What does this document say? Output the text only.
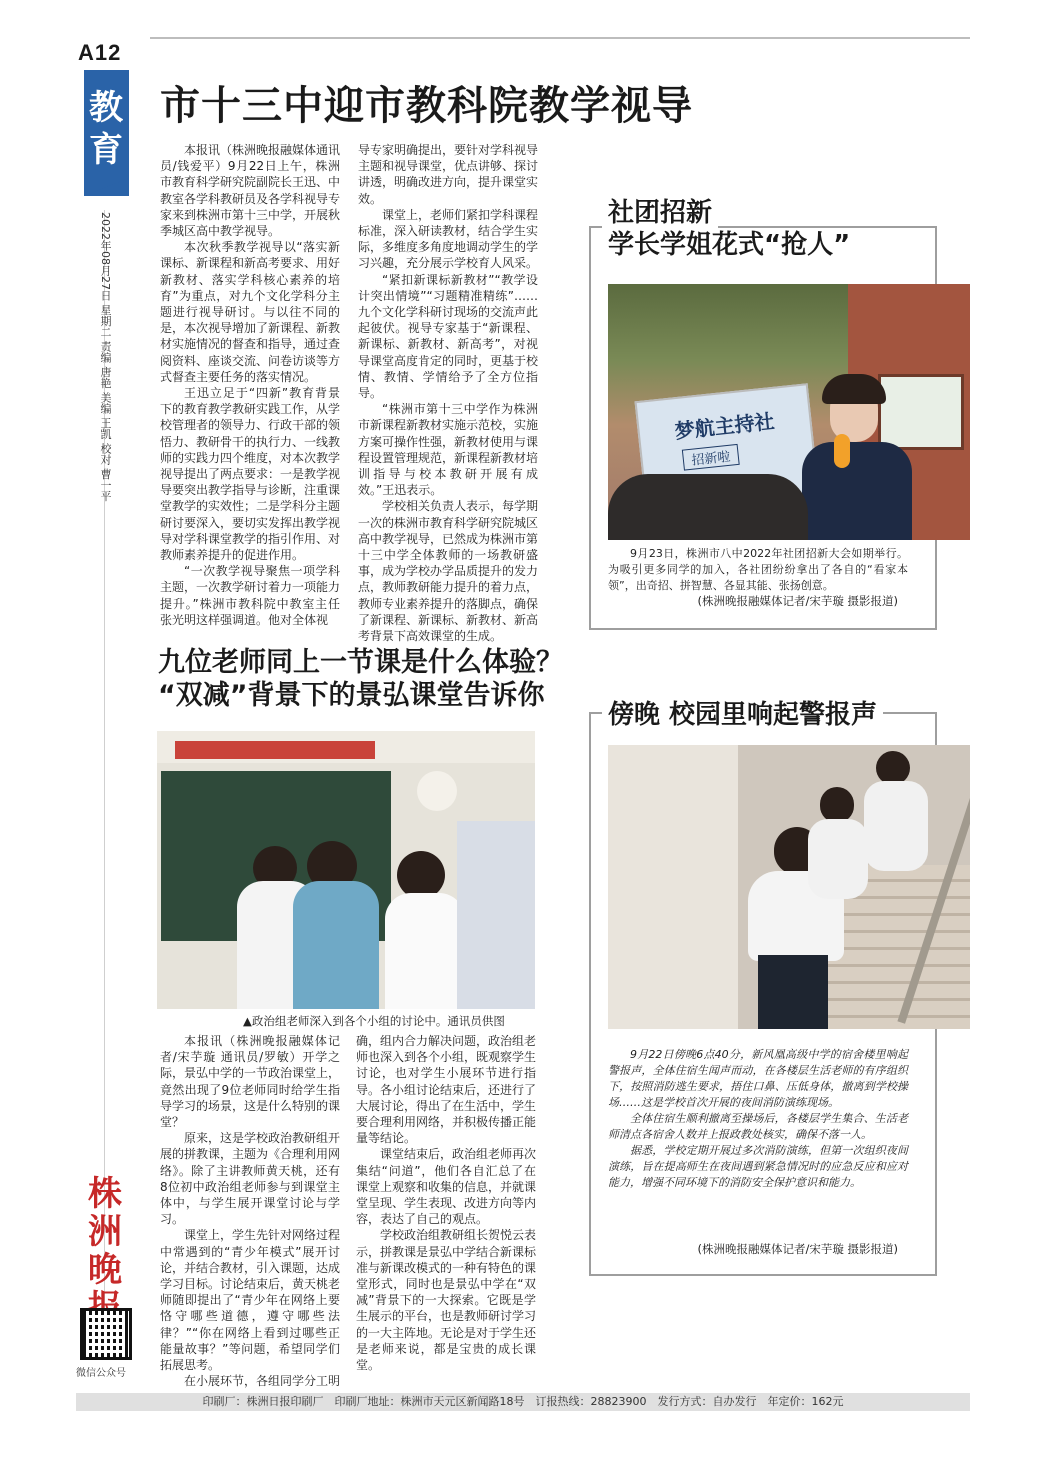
A12
教
育
2022年08月27日 星期二 责编 唐艳 美编 王凯 校对 曹一平
株
洲
晚

微信公众号
市十三中迎市教科院教学视导

本报讯（株洲晚报融媒体通讯员/钱爱平）9月22日上午，株洲市教育科学研究院副院长王迅、中教室各学科教研员及各学科视导专家来到株洲市第十三中学，开展秋季城区高中教学视导。

本次秋季教学视导以“落实新课标、新课程和新高考要求、用好新教材、落实学科核心素养的培育”为重点，对九个文化学科分主题进行视导研讨。与以往不同的是，本次视导增加了新课程、新教材实施情况的督查和指导，通过查阅资料、座谈交流、问卷访谈等方式督查主要任务的落实情况。

王迅立足于“四新”教育背景下的教育教学教研实践工作，从学校管理者的领导力、行政干部的领悟力、教研骨干的执行力、一线教师的实践力四个维度，对本次教学视导提出了两点要求：一是教学视导要突出教学指导与诊断，注重课堂教学的实效性；二是学科分主题研讨要深入，要切实发挥出教学视导对学科课堂教学的指引作用、对教师素养提升的促进作用。

“一次教学视导聚焦一项学科主题，一次教学研讨着力一项能力提升。”株洲市教科院中教室主任张光明这样强调道。他对全体视

导专家明确提出，要针对学科视导主题和视导课堂，优点讲够、探讨讲透，明确改进方向，提升课堂实效。

课堂上，老师们紧扣学科课程标准，深入研读教材，结合学生实际，多维度多角度地调动学生的学习兴趣，充分展示学校育人风采。

“紧扣新课标新教材”“教学设计突出情境”“习题精准精练”……九个文化学科研讨现场的交流声此起彼伏。视导专家基于“新课程、新课标、新教材、新高考”，对视导课堂高度肯定的同时，更基于校情、教情、学情给予了全方位指导。

“株洲市第十三中学作为株洲市新课程新教材实施示范校，实施方案可操作性强，新教材使用与课程设置管理规范，新课程新教材培训指导与校本教研开展有成效。”王迅表示。

学校相关负责人表示，每学期一次的株洲市教育科学研究院城区高中教学视导，已然成为株洲市第十三中学全体教师的一场教研盛事，成为学校办学品质提升的发力点，教师教研能力提升的着力点，教师专业素养提升的落脚点，确保了新课程、新课标、新教材、新高考背景下高效课堂的生成。

社团招新
学长学姐花式“抢人”
梦航主持社
招新啦

9月23日，株洲市八中2022年社团招新大会如期举行。为吸引更多同学的加入，各社团纷纷拿出了各自的“看家本领”，出奇招、拼智慧、各显其能、张扬创意。

(株洲晚报融媒体记者/宋芋璇 摄影报道)
九位老师同上一节课是什么体验？
“双减”背景下的景弘课堂告诉你
▲政治组老师深入到各个小组的讨论中。通讯员供图

本报讯（株洲晚报融媒体记者/宋芋璇 通讯员/罗敏）开学之际，景弘中学的一节政治课堂上，竟然出现了9位老师同时给学生指导学习的场景，这是什么特别的课堂？

原来，这是学校政治教研组开展的拼教课，主题为《合理利用网络》。除了主讲教师黄天桃，还有8位初中政治组老师参与到课堂主体中，与学生展开课堂讨论与学习。

课堂上，学生先针对网络过程中常遇到的“青少年模式”展开讨论，并结合教材，引入课题，达成学习目标。讨论结束后，黄天桃老师随即提出了“青少年在网络上要恪守哪些道德，遵守哪些法律？”“你在网络上看到过哪些正能量故事？”等问题，希望同学们拓展思考。

在小展环节，各组同学分工明

确，组内合力解决问题，政治组老师也深入到各个小组，既观察学生讨论，也对学生小展环节进行指导。各小组讨论结束后，还进行了大展讨论，得出了在生活中，学生要合理利用网络，并积极传播正能量等结论。

课堂结束后，政治组老师再次集结“问道”，他们各自汇总了在课堂上观察和收集的信息，并就课堂呈现、学生表现、改进方向等内容，表达了自己的观点。

学校政治组教研组长贺悦云表示，拼教课是景弘中学结合新课标准与新课改模式的一种有特色的课堂形式，同时也是景弘中学在“双减”背景下的一大探索。它既是学生展示的平台，也是教师研讨学习的一大主阵地。无论是对于学生还是老师来说，都是宝贵的成长课堂。

傍晚 校园里响起警报声

9月22日傍晚6点40分，新风凰高级中学的宿舍楼里响起警报声，全体住宿生闻声而动，在各楼层生活老师的有序组织下，按照消防逃生要求，捂住口鼻、压低身体，撤离到学校操场……这是学校首次开展的夜间消防演练现场。

全体住宿生顺利撤离至操场后，各楼层学生集合、生活老师清点各宿舍人数并上报政教处核实，确保不落一人。

据悉，学校定期开展过多次消防演练，但第一次组织夜间演练，旨在提高师生在夜间遇到紧急情况时的应急反应和应对能力，增强不同环境下的消防安全保护意识和能力。

(株洲晚报融媒体记者/宋芋璇 摄影报道)
印刷厂：株洲日报印刷厂　印刷厂地址：株洲市天元区新闻路18号　订报热线：28823900　发行方式：自办发行　年定价：162元
